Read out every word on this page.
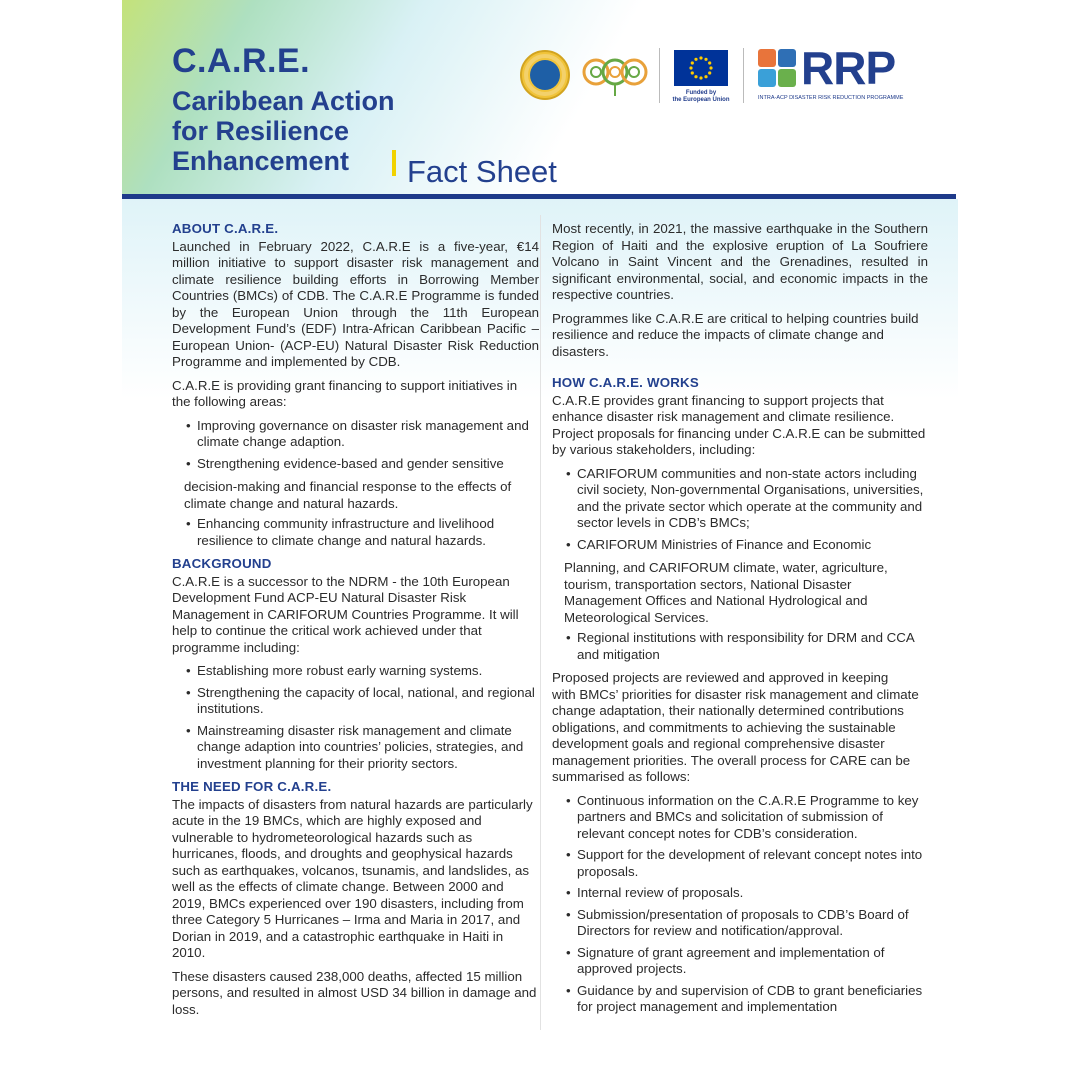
C.A.R.E.
Caribbean Action
for Resilience
Enhancement	Fact Sheet
Funded by
the European Union
RRP
INTRA-ACP DISASTER RISK REDUCTION PROGRAMME
ABOUT C.A.R.E.

Launched in February 2022, C.A.R.E is a five-year, €14 million initiative to support disaster risk management and climate resilience building efforts in Borrowing Member Countries (BMCs) of CDB. The C.A.R.E Programme is funded by the European Union through the 11th European Development Fund’s (EDF) Intra-African Caribbean Pacific – European Union- (ACP-EU) Natural Disaster Risk Reduction Programme and implemented by CDB.

C.A.R.E is providing grant financing to support initiatives in the following areas:

• Improving governance on disaster risk management and climate change adaption.
• Strengthening evidence-based and gender sensitive
decision-making and financial response to the effects of climate change and natural hazards.
• Enhancing community infrastructure and livelihood resilience to climate change and natural hazards.
BACKGROUND

C.A.R.E is a successor to the NDRM - the 10th European Development Fund ACP-EU Natural Disaster Risk Management in CARIFORUM Countries Programme. It will help to continue the critical work achieved under that programme including:

• Establishing more robust early warning systems.
• Strengthening the capacity of local, national, and regional institutions.
• Mainstreaming disaster risk management and climate change adaption into countries’ policies, strategies, and investment planning for their priority sectors.
THE NEED FOR C.A.R.E.

The impacts of disasters from natural hazards are particularly acute in the 19 BMCs, which are highly exposed and vulnerable to hydrometeorological hazards such as hurricanes, floods, and droughts and geophysical hazards such as earthquakes, volcanos, tsunamis, and landslides, as well as the effects of climate change. Between 2000 and 2019, BMCs experienced over 190 disasters, including from three Category 5 Hurricanes – Irma and Maria in 2017, and Dorian in 2019, and a catastrophic earthquake in Haiti in 2010.

These disasters caused 238,000 deaths, affected 15 million persons, and resulted in almost USD 34 billion in damage and loss.

Most recently, in 2021, the massive earthquake in the Southern Region of Haiti and the explosive eruption of La Soufriere Volcano in Saint Vincent and the Grenadines, resulted in significant environmental, social, and economic impacts in the respective countries.

Programmes like C.A.R.E are critical to helping countries build resilience and reduce the impacts of climate change and disasters.

HOW C.A.R.E. WORKS

C.A.R.E provides grant financing to support projects that enhance disaster risk management and climate resilience. Project proposals for financing under C.A.R.E can be submitted by various stakeholders, including:

• CARIFORUM communities and non-state actors including civil society, Non-governmental Organisations, universities, and the private sector which operate at the community and sector levels in CDB’s BMCs;
• CARIFORUM Ministries of Finance and Economic
Planning, and CARIFORUM climate, water, agriculture, tourism, transportation sectors, National Disaster Management Offices and National Hydrological and Meteorological Services.
• Regional institutions with responsibility for DRM and CCA and mitigation
Proposed projects are reviewed and approved in keeping

with BMCs’ priorities for disaster risk management and climate change adaptation, their nationally determined contributions obligations, and commitments to achieving the sustainable development goals and regional comprehensive disaster management priorities. The overall process for CARE can be summarised as follows:

• Continuous information on the C.A.R.E Programme to key partners and BMCs and solicitation of submission of relevant concept notes for CDB’s consideration.
• Support for the development of relevant concept notes into proposals.
• Internal review of proposals.
• Submission/presentation of proposals to CDB’s Board of Directors for review and notification/approval.
• Signature of grant agreement and implementation of approved projects.
• Guidance by and supervision of CDB to grant beneficiaries for project management and implementation
